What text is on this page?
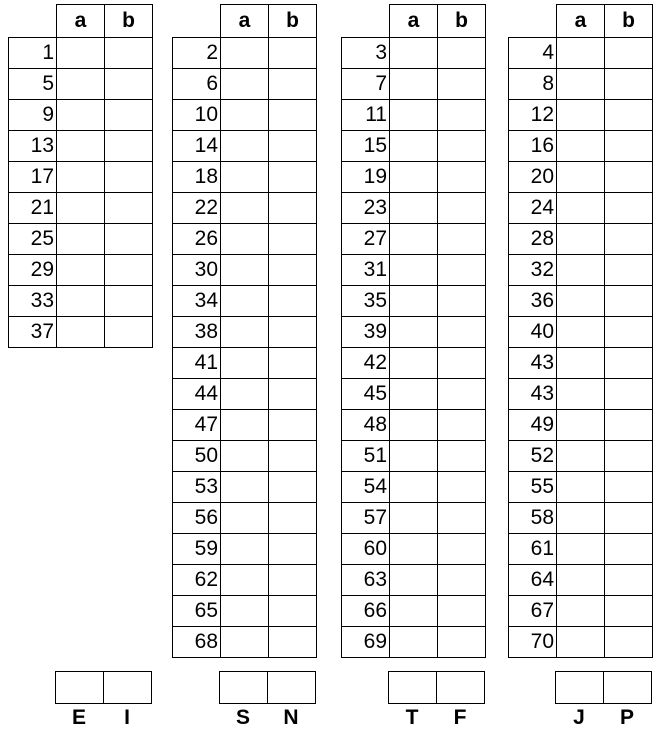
	a	b
1		
5		
9		
13		
17		
21		
25		
29		
33		
37		

E	I
	a	b
2		
6		
10		
14		
18		
22		
26		
30		
34		
38		
41		
44		
47		
50		
53		
56		
59		
62		
65		
68		

S	N
	a	b
3		
7		
11		
15		
19		
23		
27		
31		
35		
39		
42		
45		
48		
51		
54		
57		
60		
63		
66		
69		

T	F
	a	b
4		
8		
12		
16		
20		
24		
28		
32		
36		
40		
43		
43		
49		
52		
55		
58		
61		
64		
67		
70		

J	P
